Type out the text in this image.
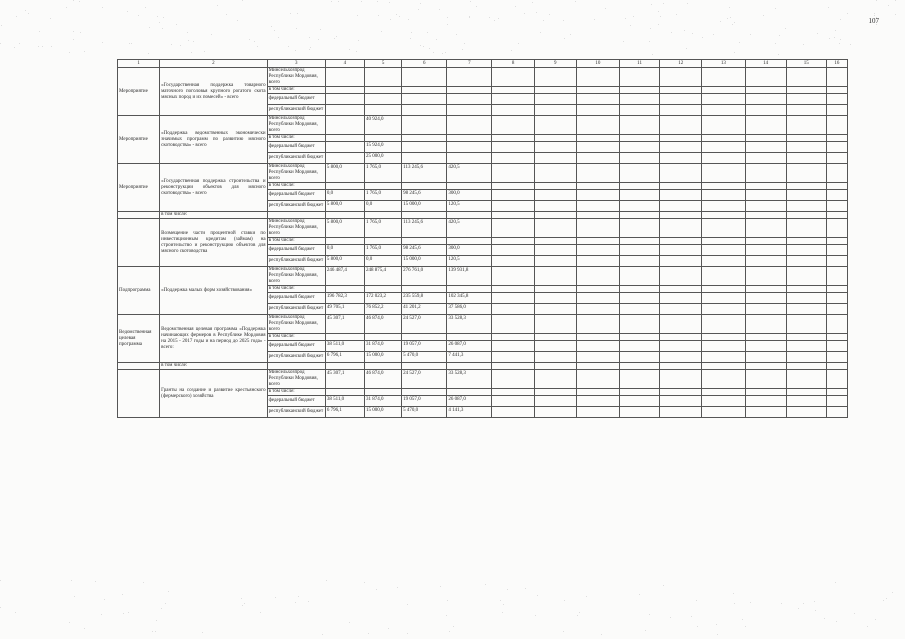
107
1	2	3	4	5	6	7	8	9	10	11	12	13	14	15	16
Мероприятие	«Государственная поддержка товарного маточного поголовья крупного рогатого скота мясных пород и их помесей» - всего	Минсельхозпрод Республики Мордовия, всего													
		в том числе:													
		федеральный бюджет													
		республиканский бюджет													
Мероприятие	«Поддержка ведомственных экономически значимых программ по развитию мясного скотоводства» - всего	Минсельхозпрод Республики Мордовия, всего		40 924,0											
		в том числе:													
		федеральный бюджет		15 924,0											
		республиканский бюджет		25 000,0											
Мероприятие	«Государственная поддержка строительства и реконструкции объектов для мясного скотоводства» - всего	Минсельхозпрод Республики Мордовия, всего	5 800,0	1 765,0	113 245,6	420,5									
		в том числе:													
		федеральный бюджет	0,0	1 765,0	98 245,6	300,0									
		республиканский бюджет	5 800,0	0,0	15 000,0	120,5									
	в том числе:														
	Возмещение части процентной ставки по инвестиционным кредитам (займам) на строительство и реконструкцию объектов для мясного скотоводства	Минсельхозпрод Республики Мордовия, всего	5 800,0	1 765,0	113 245,6	420,5									
		в том числе:													
		федеральный бюджет	0,0	1 765,0	98 245,6	300,0									
		республиканский бюджет	5 800,0	0,0	15 000,0	120,5									
Подпрограмма	«Поддержка малых форм хозяйствования»	Минсельхозпрод Республики Мордовия, всего	246 487,4	248 875,4	276 761,0	139 931,8									
		в том числе:													
		федеральный бюджет	196 782,3	172 023,2	235 559,8	102 345,8									
		республиканский бюджет	49 705,1	76 852,2	41 201,2	37 586,0									
Ведомственная целевая программа	Ведомственная целевая программа «Поддержка начинающих фермеров в Республике Мордовия на 2015 - 2017 годы и на период до 2025 года» - всего:	Минсельхозпрод Республики Мордовия, всего	45 307,1	46 874,0	24 527,0	33 528,3									
		в том числе:													
		федеральный бюджет	38 511,0	31 874,0	19 057,0	26 087,0									
		республиканский бюджет	6 796,1	15 000,0	5 470,0	7 441,3									
	в том числе:														
	Гранты на создание и развитие крестьянского (фермерского) хозяйства	Минсельхозпрод Республики Мордовия, всего	45 307,1	46 874,0	24 527,0	33 528,3									
		в том числе:													
		федеральный бюджет	38 511,0	31 874,0	19 057,0	26 087,0									
		республиканский бюджет	6 796,1	15 000,0	5 470,0	4 141,3									
